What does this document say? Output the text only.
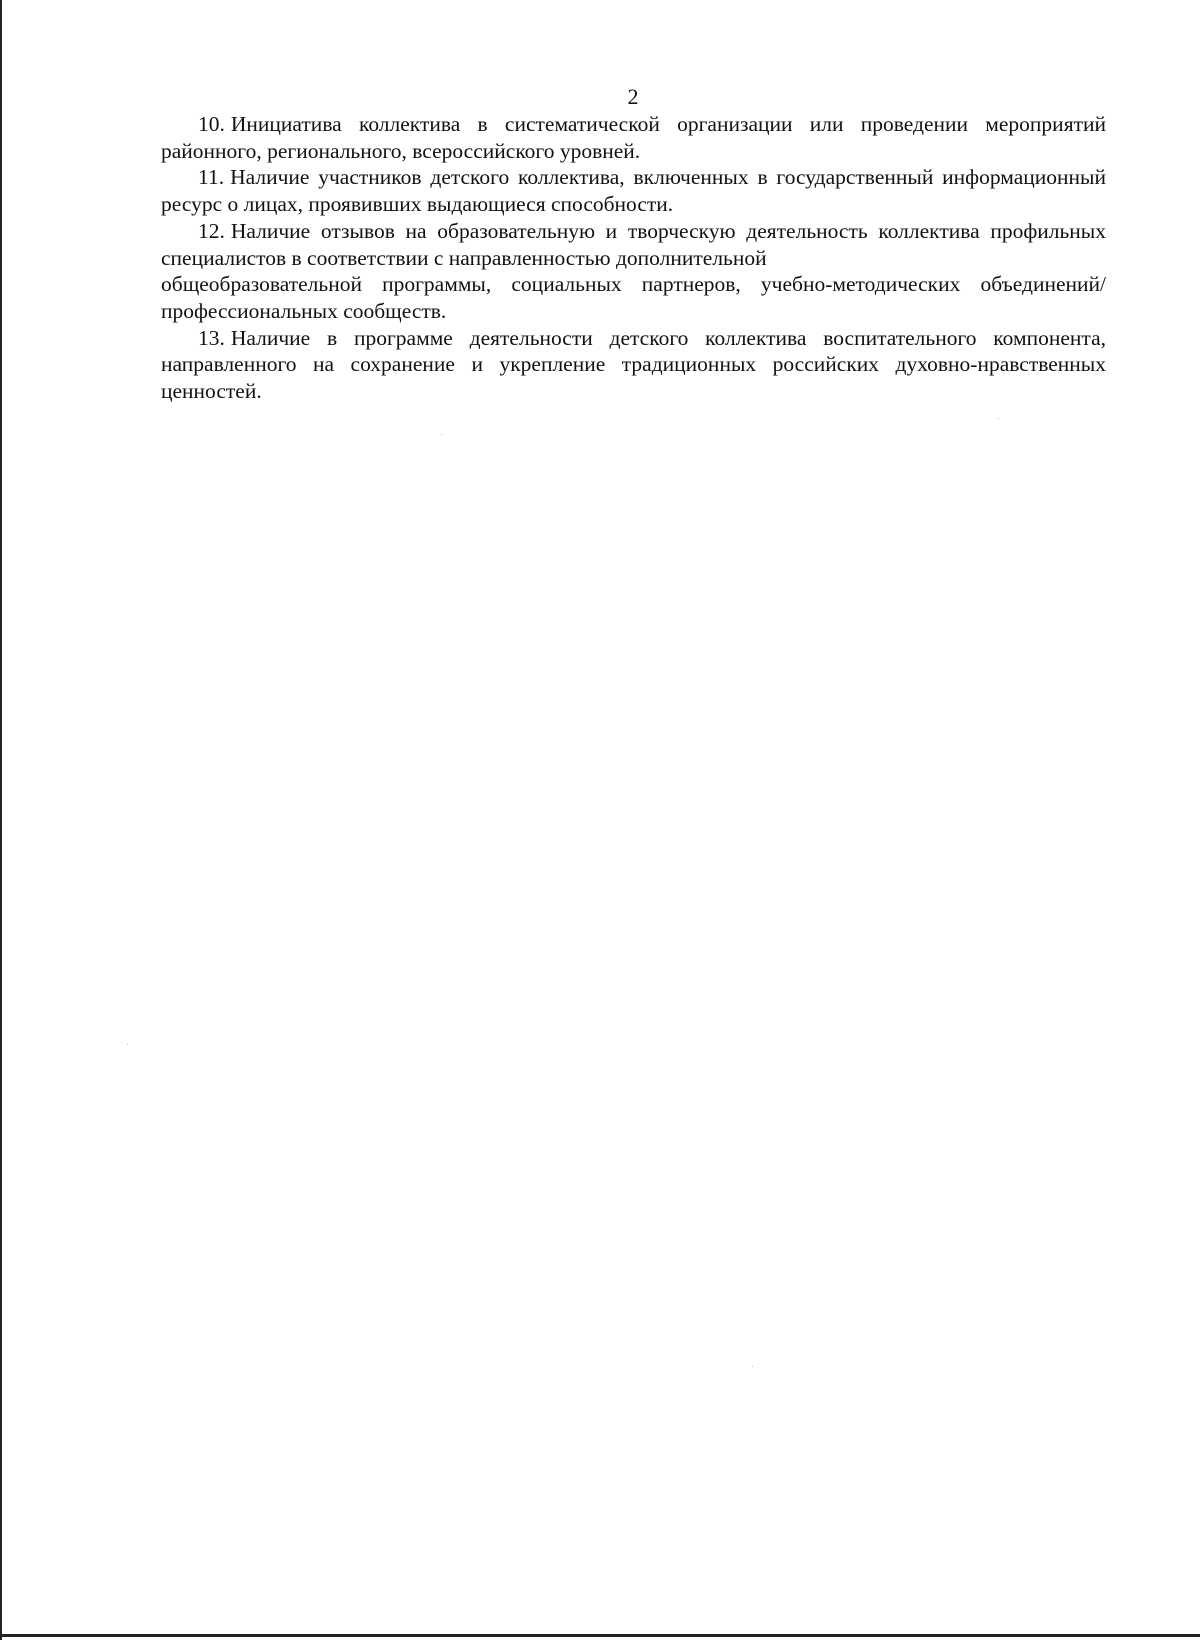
2

10. Инициатива коллектива в систематической организации или проведении мероприятий районного, регионального, всероссийского уровней.

11. Наличие участников детского коллектива, включенных в государственный информационный ресурс о лицах, проявивших выдающиеся способности.

12. Наличие отзывов на образовательную и творческую деятельность коллектива профильных специалистов в соответствии с направленностью дополнительной

общеобразовательной программы, социальных партнеров, учебно-методических объединений/профессиональных сообществ.

13. Наличие в программе деятельности детского коллектива воспитательного компонента, направленного на сохранение и укрепление традиционных российских духовно-нравственных ценностей.
